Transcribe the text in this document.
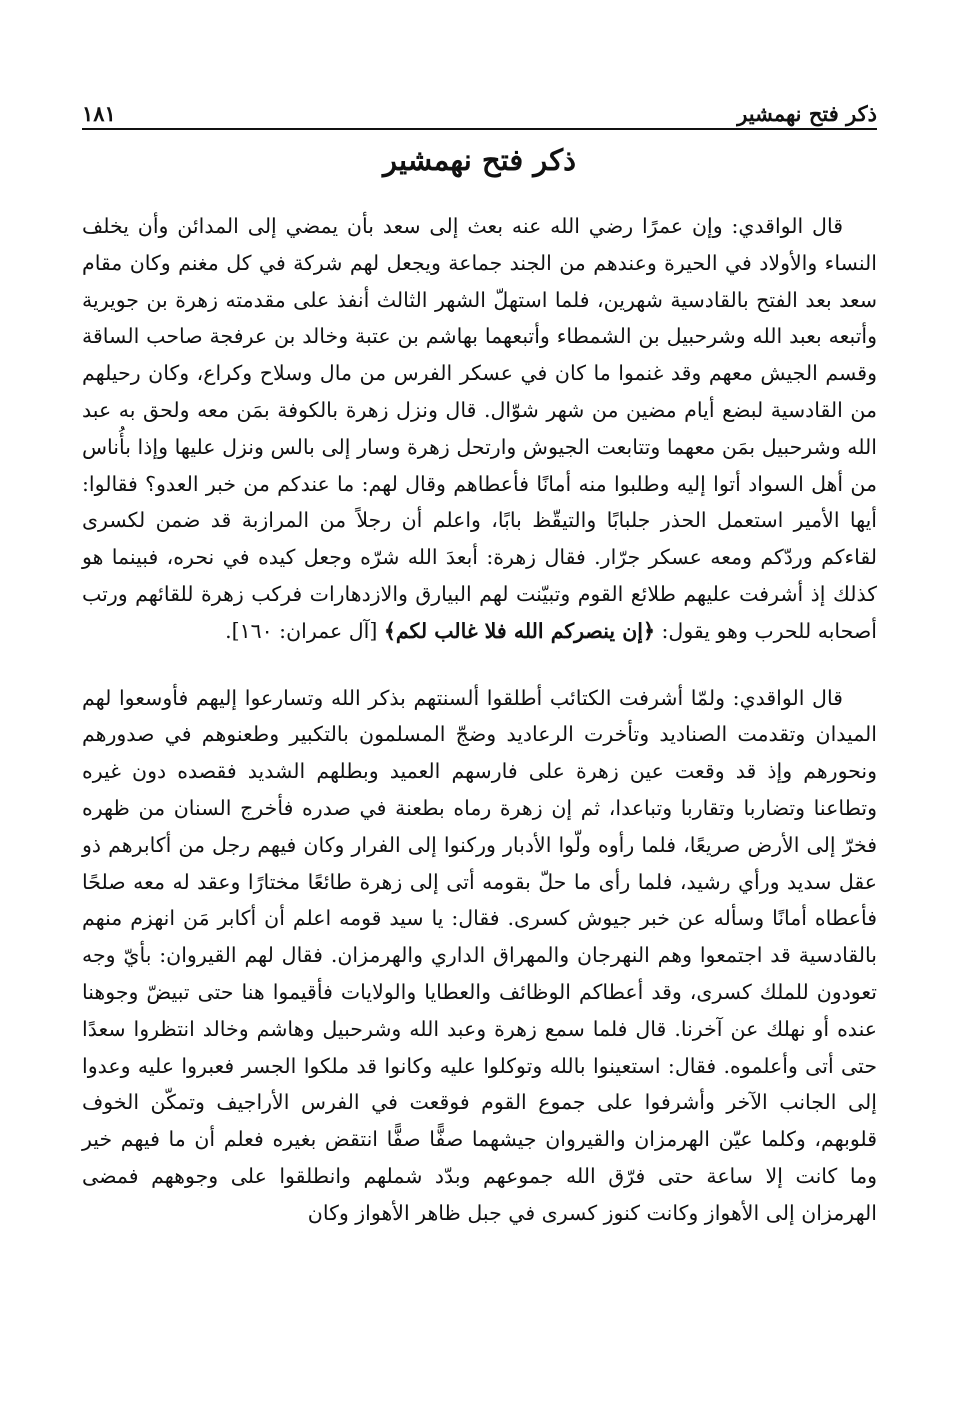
ذكر فتح نهمشير
١٨١
ذكر فتح نهمشير

قال الواقدي: وإن عمرًا رضي الله عنه بعث إلى سعد بأن يمضي إلى المدائن وأن يخلف النساء والأولاد في الحيرة وعندهم من الجند جماعة ويجعل لهم شركة في كل مغنم وكان مقام سعد بعد الفتح بالقادسية شهرين، فلما استهلّ الشهر الثالث أنفذ على مقدمته زهرة بن جويرية وأتبعه بعبد الله وشرحبيل بن الشمطاء وأتبعهما بهاشم بن عتبة وخالد بن عرفجة صاحب الساقة وقسم الجيش معهم وقد غنموا ما كان في عسكر الفرس من مال وسلاح وكراع، وكان رحيلهم من القادسية لبضع أيام مضين من شهر شوّال. قال ونزل زهرة بالكوفة بمَن معه ولحق به عبد الله وشرحبيل بمَن معهما وتتابعت الجيوش وارتحل زهرة وسار إلى بالس ونزل عليها وإذا بأُناس من أهل السواد أتوا إليه وطلبوا منه أمانًا فأعطاهم وقال لهم: ما عندكم من خبر العدو؟ فقالوا: أيها الأمير استعمل الحذر جلبابًا والتيقّظ بابًا، واعلم أن رجلاً من المرازبة قد ضمن لكسرى لقاءكم وردّكم ومعه عسكر جرّار. فقال زهرة: أبعدَ الله شرّه وجعل كيده في نحره، فبينما هو كذلك إذ أشرفت عليهم طلائع القوم وتبيّنت لهم البيارق والازدهارات فركب زهرة للقائهم ورتب أصحابه للحرب وهو يقول: ﴿إن ينصركم الله فلا غالب لكم﴾ [آل عمران: ١٦٠].

قال الواقدي: ولمّا أشرفت الكتائب أطلقوا ألسنتهم بذكر الله وتسارعوا إليهم فأوسعوا لهم الميدان وتقدمت الصناديد وتأخرت الرعاديد وضجّ المسلمون بالتكبير وطعنوهم في صدورهم ونحورهم وإذ قد وقعت عين زهرة على فارسهم العميد وبطلهم الشديد فقصده دون غيره وتطاعنا وتضاربا وتقاربا وتباعدا، ثم إن زهرة رماه بطعنة في صدره فأخرج السنان من ظهره فخرّ إلى الأرض صريعًا، فلما رأوه ولّوا الأدبار وركنوا إلى الفرار وكان فيهم رجل من أكابرهم ذو عقل سديد ورأي رشيد، فلما رأى ما حلّ بقومه أتى إلى زهرة طائعًا مختارًا وعقد له معه صلحًا فأعطاه أمانًا وسأله عن خبر جيوش كسرى. فقال: يا سيد قومه اعلم أن أكابر مَن انهزم منهم بالقادسية قد اجتمعوا وهم النهرجان والمهراق الداري والهرمزان. فقال لهم القيروان: بأيّ وجه تعودون للملك كسرى، وقد أعطاكم الوظائف والعطايا والولايات فأقيموا هنا حتى تبيضّ وجوهنا عنده أو نهلك عن آخرنا. قال فلما سمع زهرة وعبد الله وشرحبيل وهاشم وخالد انتظروا سعدًا حتى أتى وأعلموه. فقال: استعينوا بالله وتوكلوا عليه وكانوا قد ملكوا الجسر فعبروا عليه وعدوا إلى الجانب الآخر وأشرفوا على جموع القوم فوقعت في الفرس الأراجيف وتمكّن الخوف قلوبهم، وكلما عيّن الهرمزان والقيروان جيشهما صفًّا صفًّا انتقض بغيره فعلم أن ما فيهم خير وما كانت إلا ساعة حتى فرّق الله جموعهم وبدّد شملهم وانطلقوا على وجوههم فمضى الهرمزان إلى الأهواز وكانت كنوز كسرى في جبل ظاهر الأهواز وكان
